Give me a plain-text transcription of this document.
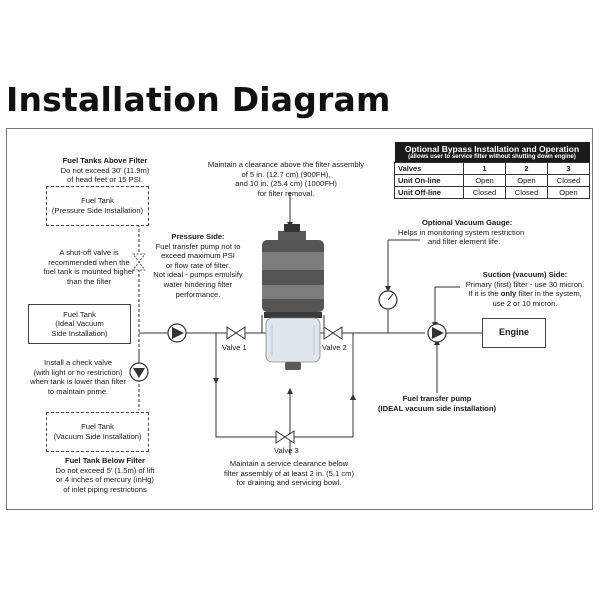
Installation Diagram
Fuel Tanks Above Filter
Do not exceed 30' (11.9m)
of head feet or 15 PSI.
Fuel Tank
(Pressure Side Installation)
A shut-off valve is
recommended when the
fuel tank is mounted higher
than the filter
Fuel Tank
(Ideal Vacuum
Side Installation)
Install a check valve
(with light or no restriction)
when tank is lower than filter
to maintain prime.
Fuel Tank
(Vacuum Side Installation)
Fuel Tank Below Filter
Do not exceed 5' (1.5m) of lift
or 4 inches of mercury (inHg)
of inlet piping restrictions
Pressure Side:
Fuel transfer pump not to
exceed maximum PSI
or flow rate of filter.
Not ideal - pumps emulsify
water hindering filter
performance.
Maintain a clearance above the filter assembly
of 5 in. (12.7 cm) (900FH),
and 10 in. (25.4 cm) (1000FH)
for filter removal.
Optional Bypass Installation and Operation
(allows user to service filter without shutting down engine)			

Valves	1	2	3
Unit On-line	Open	Open	Closed
Unit Off-line	Closed	Closed	Open
Optional Vacuum Gauge:
Helps in monitoring system restriction
and filter element life.
Suction (vacuum) Side:
Primary (first) filter - use 30 micron.
If it is the only filter in the system,
use 2 or 10 micron.
Engine
Valve 1	Valve 2
Valve 3
Fuel transfer pump
(IDEAL vacuum side installation)
Maintain a service clearance below
filter assembly of at least 2 in. (5.1 cm)
for draining and servicing bowl.
